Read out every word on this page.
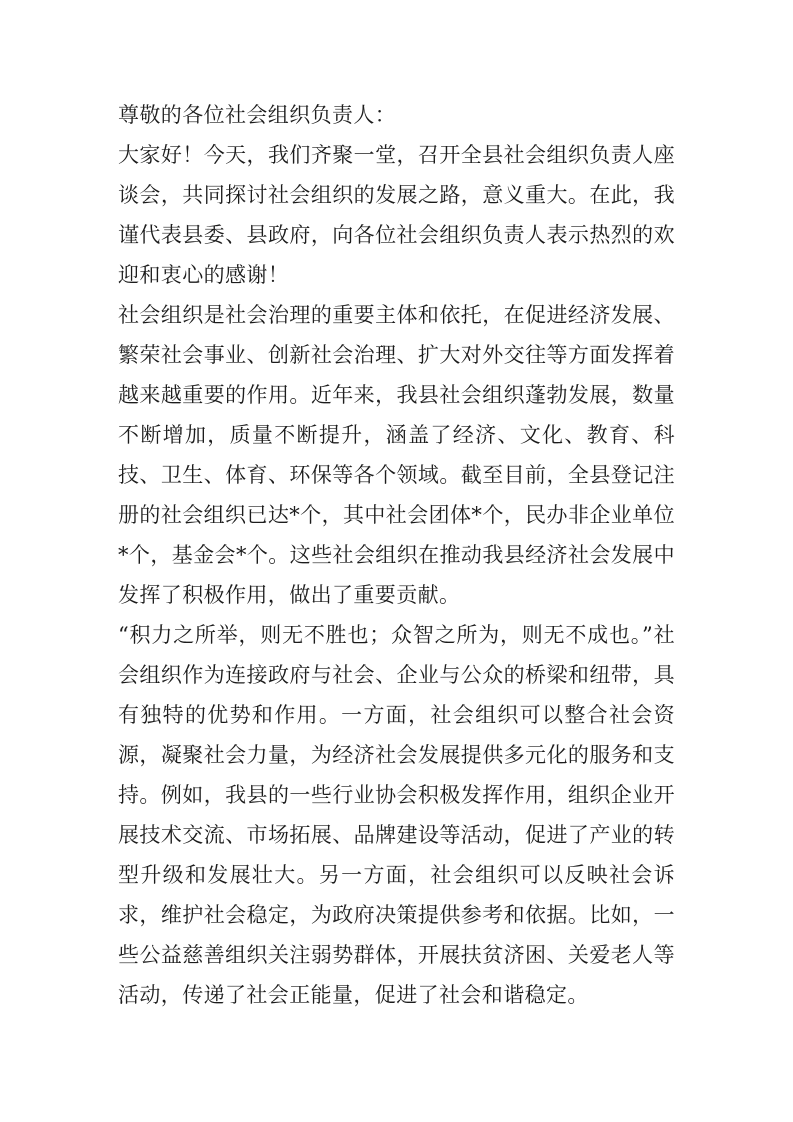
尊敬的各位社会组织负责人：

大家好！今天，我们齐聚一堂，召开全县社会组织负责人座谈会，共同探讨社会组织的发展之路，意义重大。在此，我谨代表县委、县政府，向各位社会组织负责人表示热烈的欢迎和衷心的感谢！

社会组织是社会治理的重要主体和依托，在促进经济发展、繁荣社会事业、创新社会治理、扩大对外交往等方面发挥着越来越重要的作用。近年来，我县社会组织蓬勃发展，数量不断增加，质量不断提升，涵盖了经济、文化、教育、科技、卫生、体育、环保等各个领域。截至目前，全县登记注册的社会组织已达*个，其中社会团体*个，民办非企业单位*个，基金会*个。这些社会组织在推动我县经济社会发展中发挥了积极作用，做出了重要贡献。

“积力之所举，则无不胜也；众智之所为，则无不成也。”社会组织作为连接政府与社会、企业与公众的桥梁和纽带，具有独特的优势和作用。一方面，社会组织可以整合社会资源，凝聚社会力量，为经济社会发展提供多元化的服务和支持。例如，我县的一些行业协会积极发挥作用，组织企业开展技术交流、市场拓展、品牌建设等活动，促进了产业的转型升级和发展壮大。另一方面，社会组织可以反映社会诉求，维护社会稳定，为政府决策提供参考和依据。比如，一些公益慈善组织关注弱势群体，开展扶贫济困、关爱老人等活动，传递了社会正能量，促进了社会和谐稳定。
